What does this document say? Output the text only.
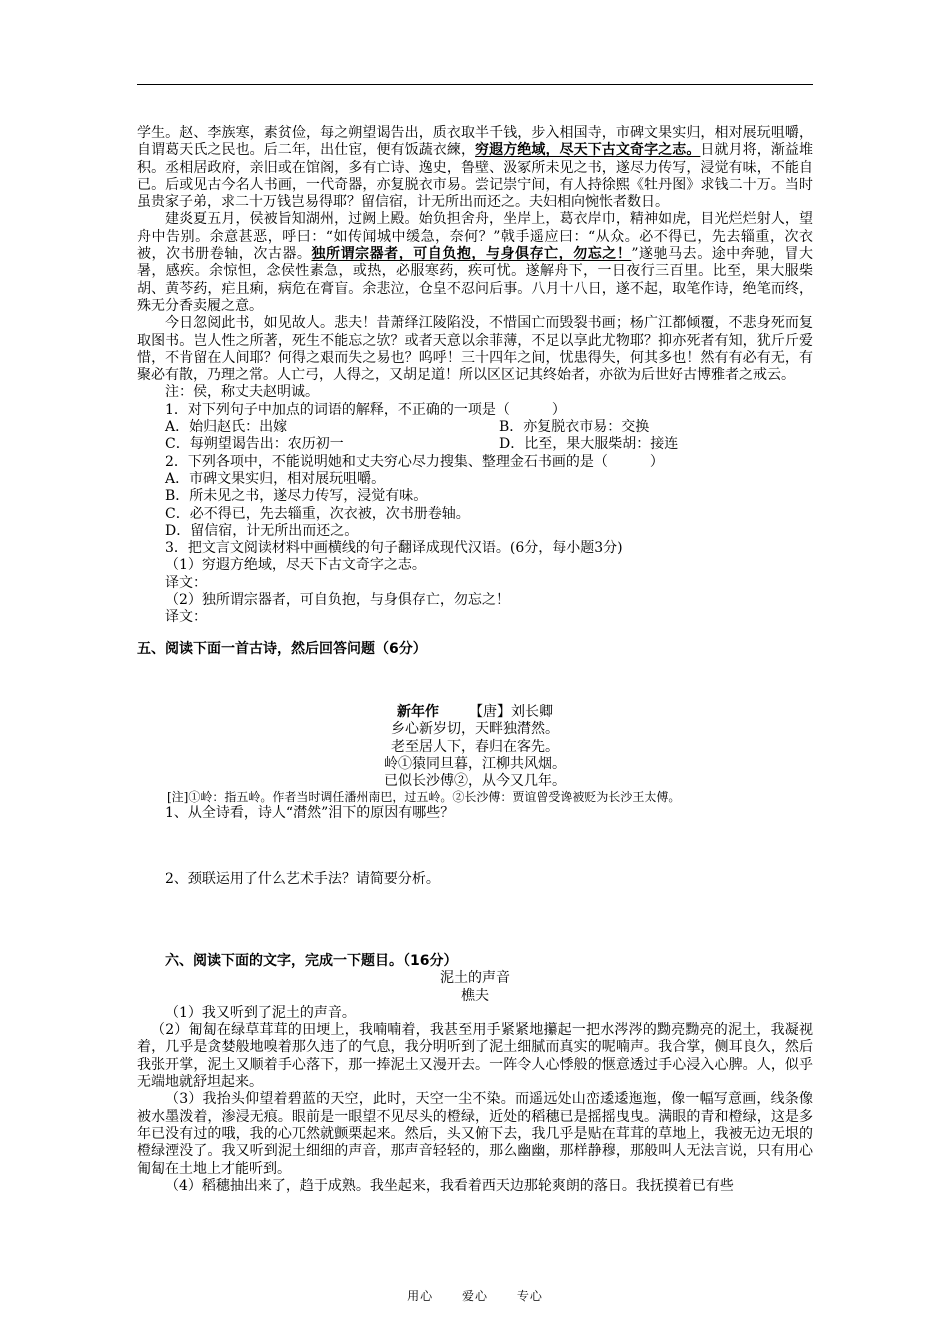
学生。赵、李族寒，素贫俭，每之朔望谒告出，质衣取半千钱，步入相国寺，市碑文果实归，相对展玩咀嚼，自谓葛天氏之民也。后二年，出仕宦，便有饭蔬衣練，穷遐方绝域，尽天下古文奇字之志。日就月将，渐益堆积。丞相居政府，亲旧或在馆阁，多有亡诗、逸史，鲁壁、汲冢所未见之书，遂尽力传写，浸觉有味，不能自已。后或见古今名人书画，一代奇器，亦复脱衣市易。尝记崇宁间，有人持徐熙《牡丹图》求钱二十万。当时虽贵家子弟，求二十万钱岂易得耶？留信宿，计无所出而还之。夫妇相向惋怅者数日。

建炎夏五月，侯被旨知湖州，过阙上殿。始负担舍舟，坐岸上，葛衣岸巾，精神如虎，目光烂烂射人，望舟中告别。余意甚恶，呼曰：“如传闻城中缓急，奈何？”戟手遥应曰：“从众。必不得已，先去辎重，次衣被，次书册卷轴，次古器。独所谓宗器者，可自负抱，与身俱存亡，勿忘之！”遂驰马去。途中奔驰，冒大暑，感疾。余惊怛，念侯性素急，或热，必服寒药，疾可忧。遂解舟下，一日夜行三百里。比至，果大服柴胡、黄芩药，疟且痢，病危在膏盲。余悲泣，仓皇不忍问后事。八月十八日，遂不起，取笔作诗，绝笔而终，殊无分香卖履之意。

今日忽阅此书，如见故人。悲夫！昔萧绎江陵陷没，不惜国亡而毁裂书画；杨广江都倾覆，不悲身死而复取图书。岂人性之所著，死生不能忘之欤？或者天意以余菲薄，不足以享此尤物耶？抑亦死者有知，犹斤斤爱惜，不肯留在人间耶？何得之艰而失之易也？呜呼！三十四年之间，忧患得失，何其多也！然有有必有无，有聚必有散，乃理之常。人亡弓，人得之，又胡足道！所以区区记其终始者，亦欲为后世好古博雅者之戒云。

注：侯，称丈夫赵明诚。

1．对下列句子中加点的词语的解释，不正确的一项是（　　　）

A．始归赵氏：出嫁	B．亦复脱衣市易：交换
C．每朔望谒告出：农历初一	D．比至，果大服柴胡：接连

2．下列各项中，不能说明她和丈夫穷心尽力搜集、整理金石书画的是（　　　）

A．市碑文果实归，相对展玩咀嚼。

B．所未见之书，遂尽力传写，浸觉有味。

C．必不得已，先去辎重，次衣被，次书册卷轴。

D．留信宿，计无所出而还之。

3．把文言文阅读材料中画横线的句子翻译成现代汉语。(6分，每小题3分)

（1）穷遐方绝域，尽天下古文奇字之志。

译文：

（2）独所谓宗器者，可自负抱，与身俱存亡，勿忘之！

译文：

五、阅读下面一首古诗，然后回答问题（6分）

新年作 【唐】刘长卿

乡心新岁切，天畔独潸然。

老至居人下，春归在客先。

岭①猿同旦暮，江柳共风烟。

已似长沙傅②，从今又几年。

[注]①岭：指五岭。作者当时调任潘州南巴，过五岭。②长沙傅：贾谊曾受谗被贬为长沙王太傅。

1、从全诗看，诗人“潸然”泪下的原因有哪些？

2、颈联运用了什么艺术手法？请简要分析。

六、阅读下面的文字，完成一下题目。（16分）

泥土的声音

樵夫

（1）我又听到了泥土的声音。

（2）匍匐在绿草茸茸的田埂上，我喃喃着，我甚至用手紧紧地攥起一把水涔涔的黝亮黝亮的泥土，我凝视着，几乎是贪婪般地嗅着那久违了的气息，我分明听到了泥土细腻而真实的呢喃声。我合掌，侧耳良久，然后我张开掌，泥土又顺着手心落下，那一捧泥土又漫开去。一阵令人心悸般的惬意透过手心浸入心脾。人，似乎无端地就舒坦起来。

（3）我抬头仰望着碧蓝的天空，此时，天空一尘不染。而遥远处山峦逶逶迤迤，像一幅写意画，线条像被水墨泼着，渗浸无痕。眼前是一眼望不见尽头的橙绿，近处的稻穗已是摇摇曳曳。满眼的青和橙绿，这是多年已没有过的哦，我的心兀然就颤栗起来。然后，头又俯下去，我几乎是贴在茸茸的草地上，我被无边无垠的橙绿湮没了。我又听到泥土细细的声音，那声音轻轻的，那么幽幽，那样静穆，那般叫人无法言说，只有用心匍匐在土地上才能听到。

（4）稻穗抽出来了，趋于成熟。我坐起来，我看着西天边那轮爽朗的落日。我抚摸着已有些

用心 爱心 专心
